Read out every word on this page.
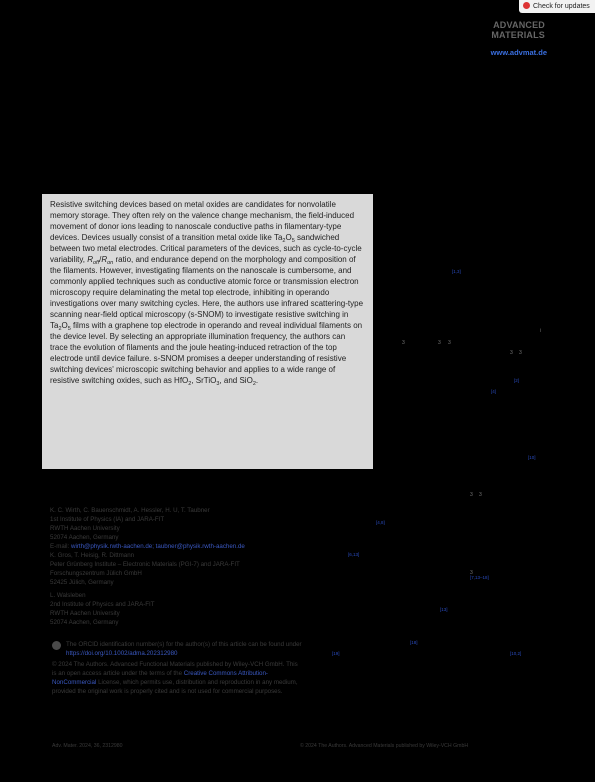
Check for updates
ADVANCED
MATERIALS
www.advmat.de
Resistive switching devices based on metal oxides are candidates for nonvolatile memory storage. They often rely on the valence change mechanism, the field-induced movement of donor ions leading to nanoscale conductive paths in filamentary-type devices. Devices usually consist of a transition metal oxide like $Ta_2O_5$ sandwiched between two metal electrodes. Critical parameters of the devices, such as cycle-to-cycle variability, $R_{off}/R_{on}$ ratio, and endurance depend on the morphology and composition of the filaments. However, investigating filaments on the nanoscale is cumbersome, and commonly applied techniques such as conductive atomic force or transmission electron microscopy require delaminating the metal top electrode, inhibiting in operando investigations over many switching cycles. Here, the authors use infrared scattering-type scanning near-field optical microscopy (s-SNOM) to investigate resistive switching in $Ta_2O_5$ films with a graphene top electrode in operando and reveal individual filaments on the device level. By selecting an appropriate illumination frequency, the authors can trace the evolution of filaments and the joule heating-induced retraction of the top electrode until device failure. s-SNOM promises a deeper understanding of resistive switching devices' microscopic switching behavior and applies to a wide range of resistive switching oxides, such as HfO$_2$, SrTiO$_3$, and SiO$_2$.
[1,3]
i
3	3 3
3 3
[2]
[4]
[10]
3 3
[4,8]
[6,13]
3
[7,13–18]
[13]
[18]
[19]	[10,2]
K. C. Wirth, C. Bauenschmidt, A. Hessler, H. U, T. Taubner
1st Institute of Physics (IA) and JARA-FIT
RWTH Aachen University
52074 Aachen, Germany
E-mail: wirth@physik.rwth-aachen.de; taubner@physik.rwth-aachen.de
K. Gros, T. Heisig, R. Dittmann
Peter Grünberg Institute – Electronic Materials (PGI-7) and JARA-FIT
Forschungszentrum Jülich GmbH
52425 Jülich, Germany
L. Walsleben
2nd Institute of Physics and JARA-FIT
RWTH Aachen University
52074 Aachen, Germany
The ORCID identification number(s) for the author(s) of this article can be found under https://doi.org/10.1002/adma.202312980
© 2024 The Authors. Advanced Functional Materials published by Wiley-VCH GmbH. This is an open access article under the terms of the Creative Commons Attribution-NonCommercial License, which permits use, distribution and reproduction in any medium, provided the original work is properly cited and is not used for commercial purposes.
Adv. Mater. 2024, 36, 2312980	© 2024 The Authors. Advanced Materials published by Wiley-VCH GmbH
